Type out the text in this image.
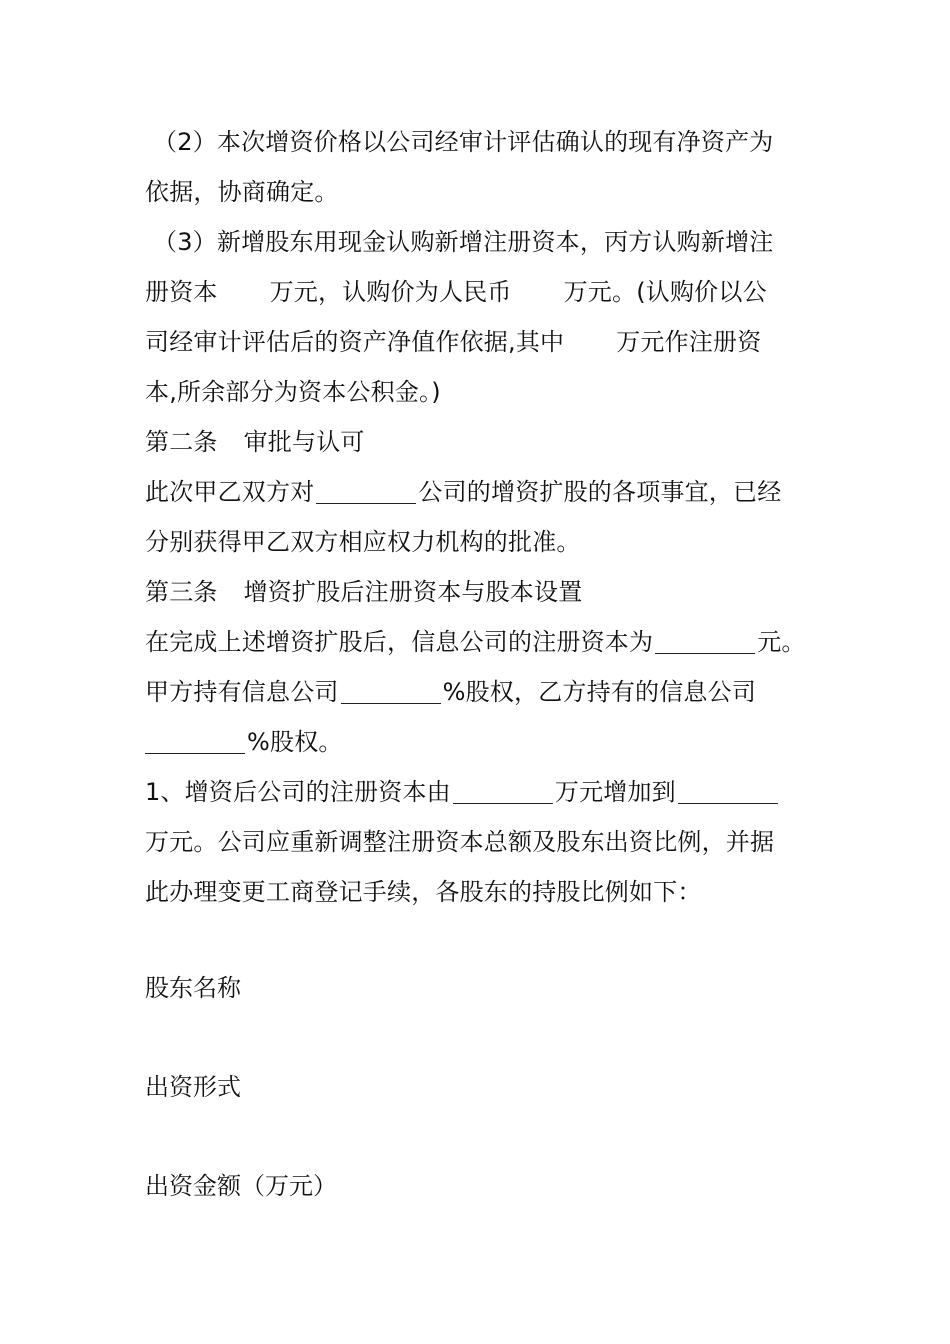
（2）本次增资价格以公司经审计评估确认的现有净资产为
依据，协商确定。
（3）新增股东用现金认购新增注册资本，丙方认购新增注
册资本 万元，认购价为人民币 万元。(认购价以公
司经审计评估后的资产净值作依据,其中 万元作注册资
本,所余部分为资本公积金。)
第二条 审批与认可
此次甲乙双方对	公司的增资扩股的各项事宜，已经
分别获得甲乙双方相应权力机构的批准。
第三条 增资扩股后注册资本与股本设置
在完成上述增资扩股后，信息公司的注册资本为	元。
甲方持有信息公司	%股权，乙方持有的信息公司
%股权。
1、增资后公司的注册资本由	万元增加到
万元。公司应重新调整注册资本总额及股东出资比例，并据
此办理变更工商登记手续，各股东的持股比例如下：
股东名称
出资形式
出资金额（万元）
